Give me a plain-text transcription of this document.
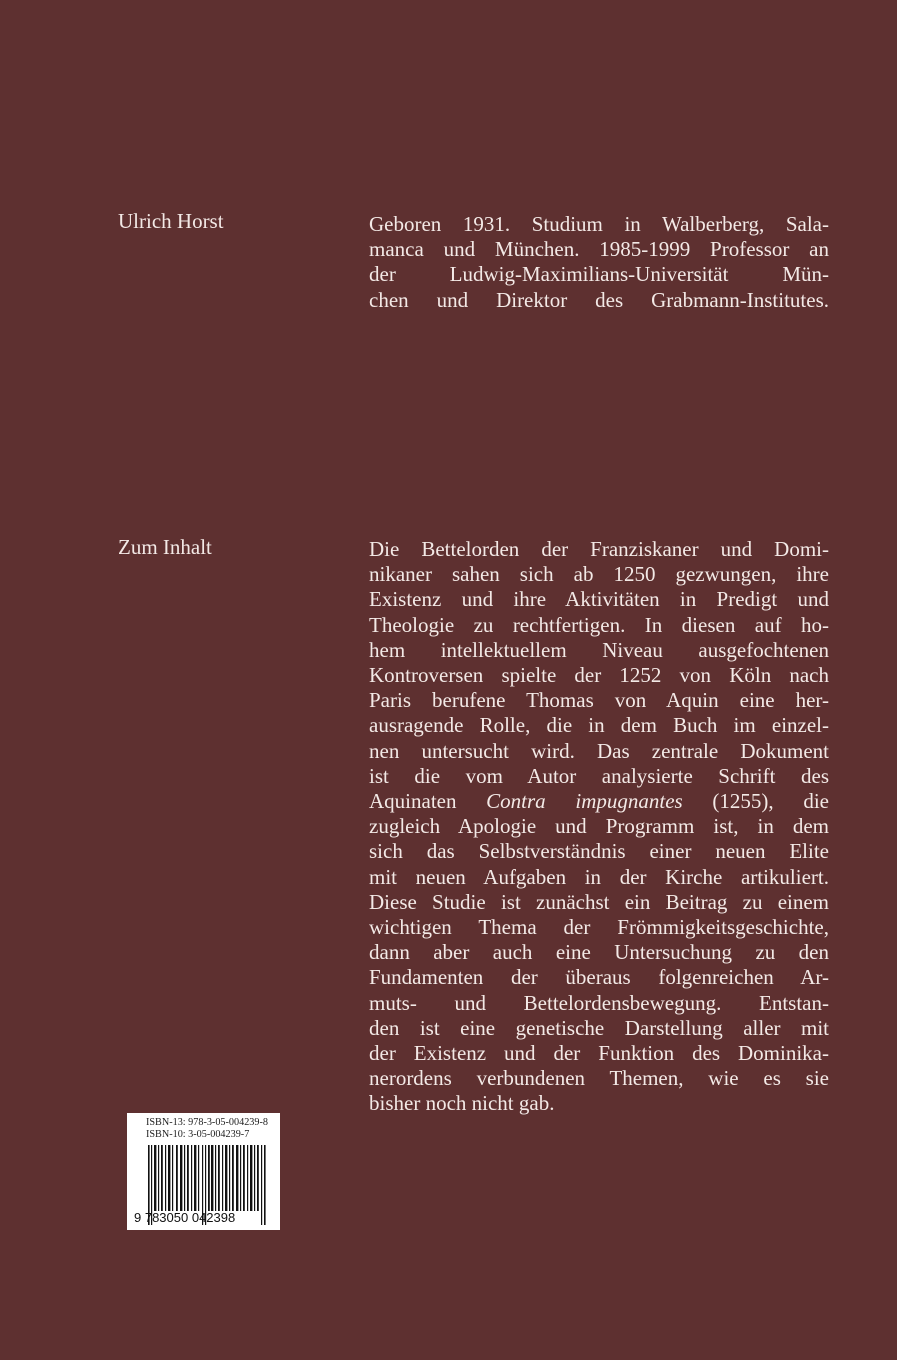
Ulrich Horst	Geboren 1931. Studium in Walberberg, Sala-
manca und München. 1985-1999 Professor an
der Ludwig-Maximilians-Universität Mün-
chen und Direktor des Grabmann-Institutes.
Zum Inhalt	Die Bettelorden der Franziskaner und Domi-
nikaner sahen sich ab 1250 gezwungen, ihre
Existenz und ihre Aktivitäten in Predigt und
Theologie zu rechtfertigen. In diesen auf ho-
hem intellektuellem Niveau ausgefochtenen
Kontroversen spielte der 1252 von Köln nach
Paris berufene Thomas von Aquin eine her-
ausragende Rolle, die in dem Buch im einzel-
nen untersucht wird. Das zentrale Dokument
ist die vom Autor analysierte Schrift des
Aquinaten Contra impugnantes (1255), die
zugleich Apologie und Programm ist, in dem
sich das Selbstverständnis einer neuen Elite
mit neuen Aufgaben in der Kirche artikuliert.
Diese Studie ist zunächst ein Beitrag zu einem
wichtigen Thema der Frömmigkeitsgeschichte,
dann aber auch eine Untersuchung zu den
Fundamenten der überaus folgenreichen Ar-
muts- und Bettelordensbewegung. Entstan-
den ist eine genetische Darstellung aller mit
der Existenz und der Funktion des Dominika-
nerordens verbundenen Themen, wie es sie
bisher noch nicht gab.
ISBN-13: 978-3-05-004239-8
ISBN-10: 3-05-004239-7
9 783050 042398
